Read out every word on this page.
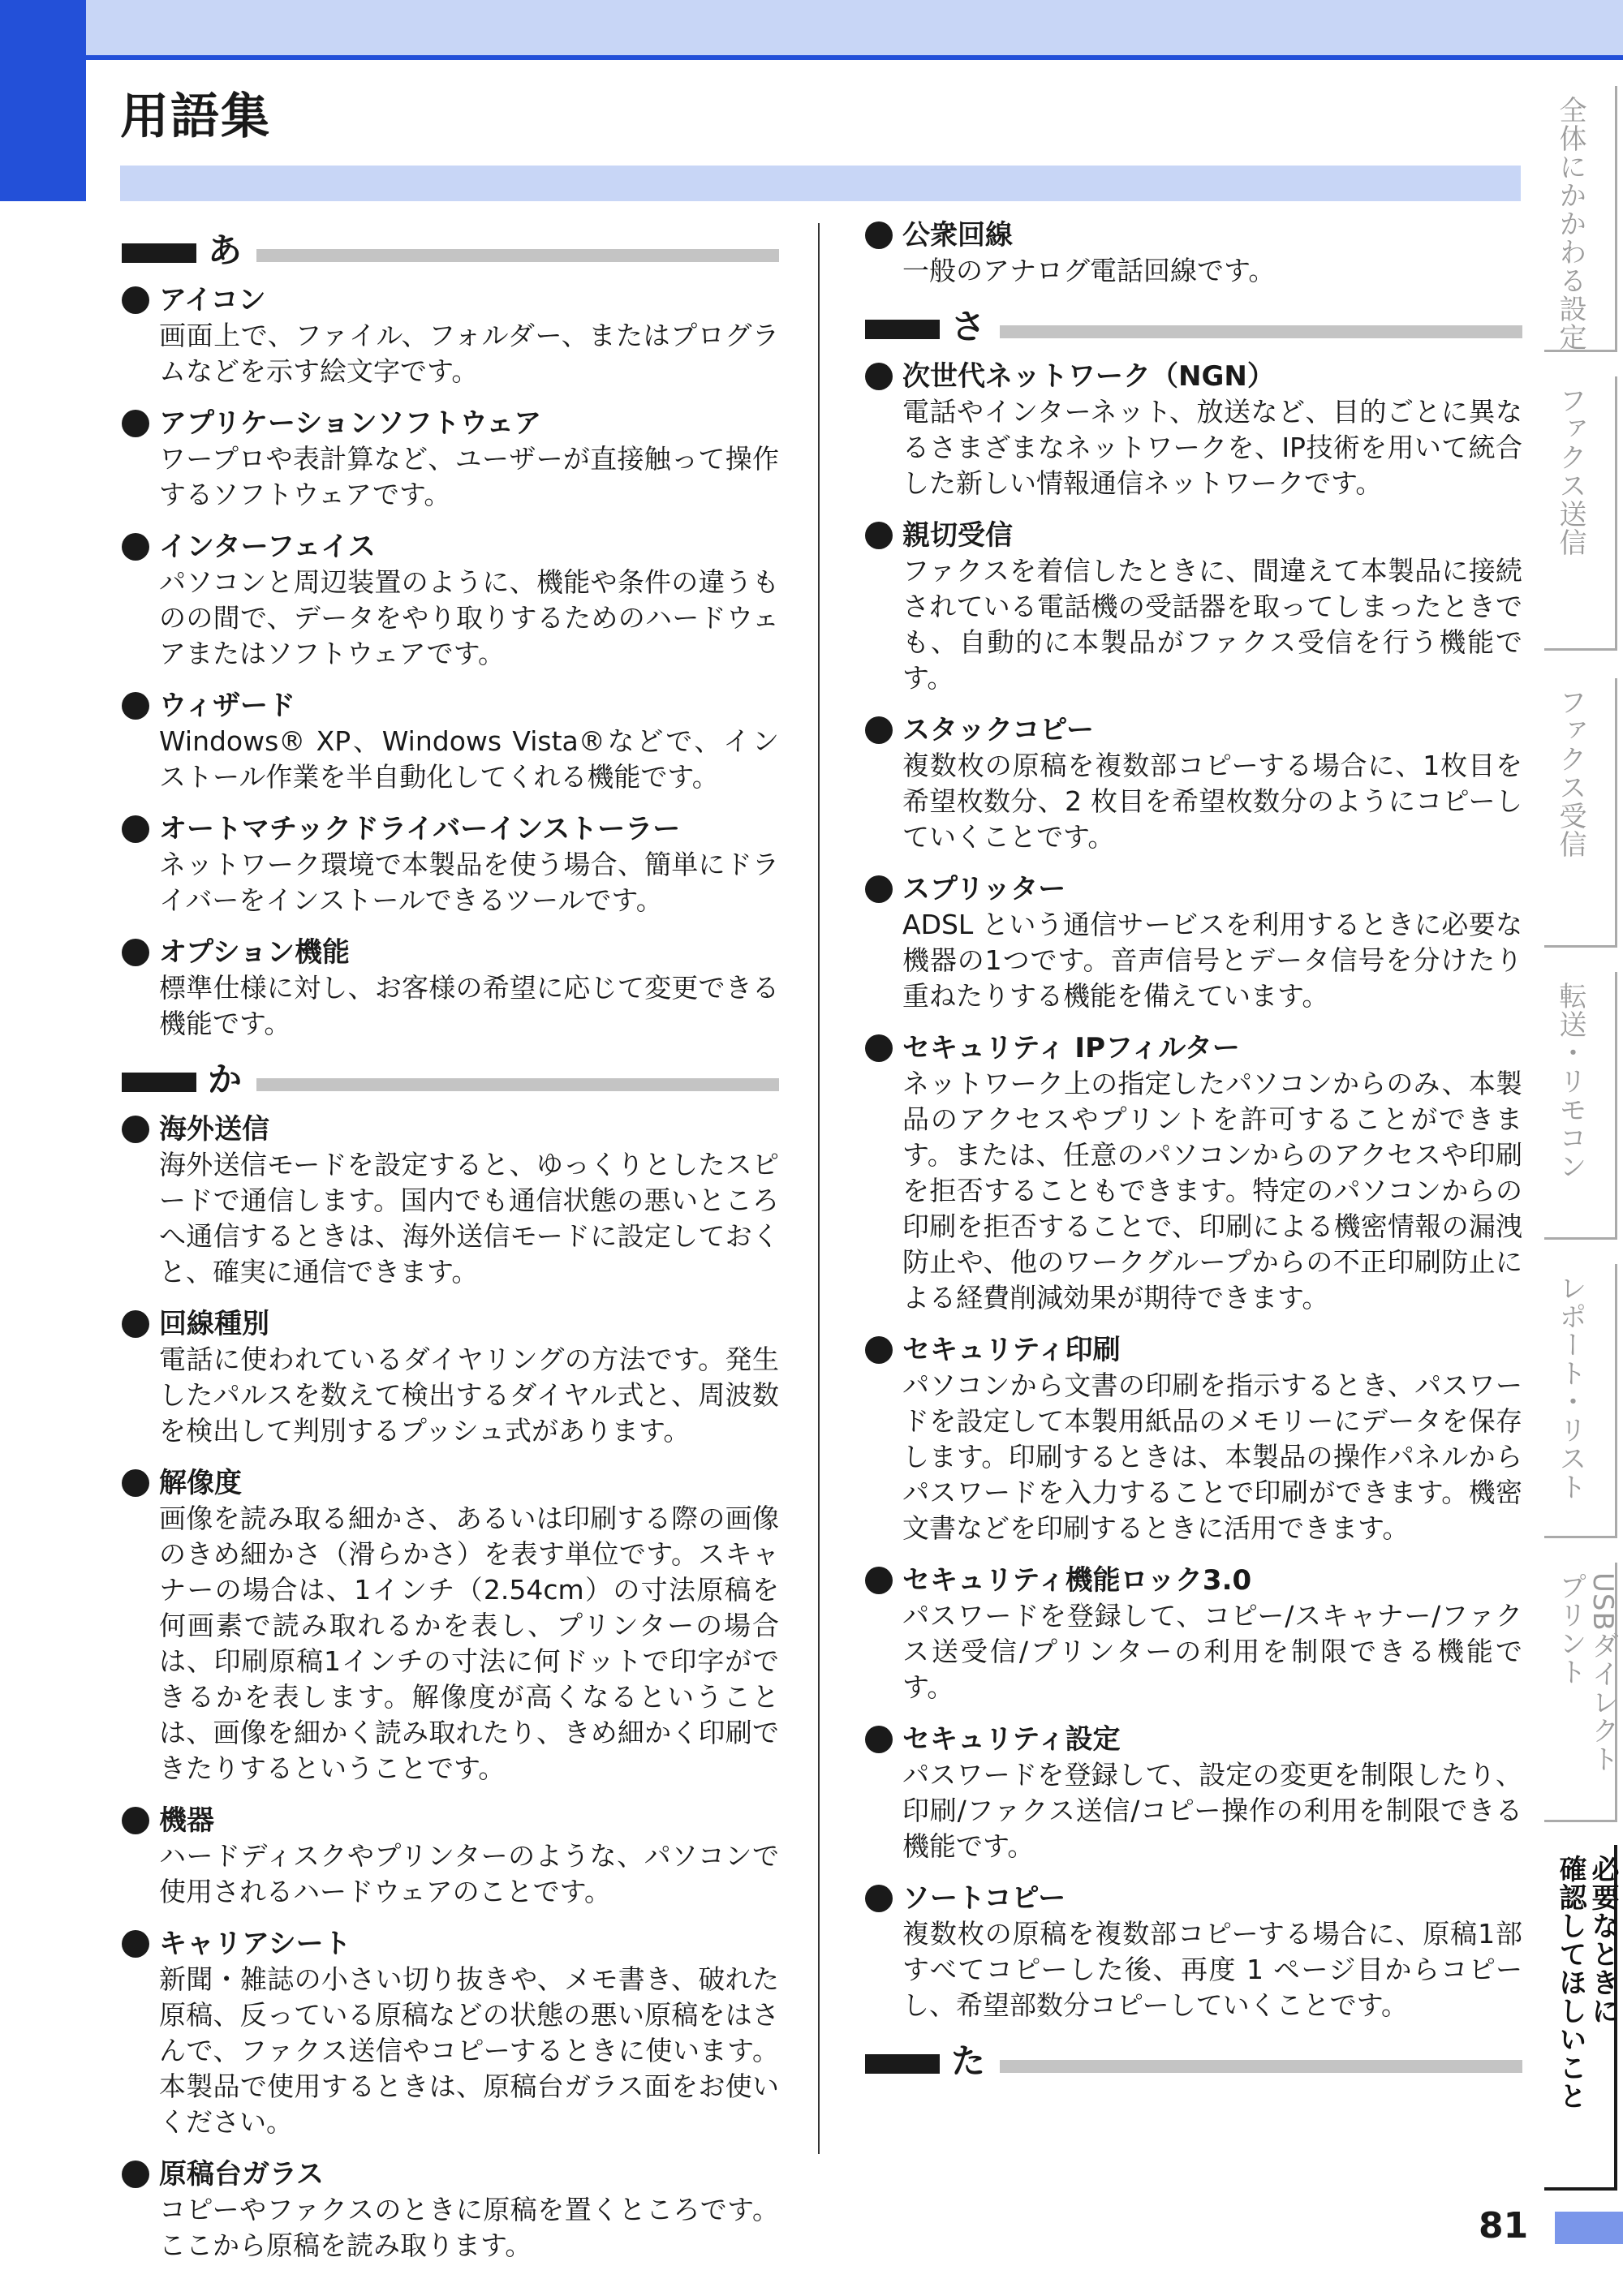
用語集
あ
アイコン
画面上で、ファイル、フォルダー、またはプログラムなどを示す絵文字です。
アプリケーションソフトウェア
ワープロや表計算など、ユーザーが直接触って操作するソフトウェアです。
インターフェイス
パソコンと周辺装置のように、機能や条件の違うものの間で、データをやり取りするためのハードウェアまたはソフトウェアです。
ウィザード
Windows® XP、Windows Vista®などで、インストール作業を半自動化してくれる機能です。
オートマチックドライバーインストーラー
ネットワーク環境で本製品を使う場合、簡単にドライバーをインストールできるツールです。
オプション機能
標準仕様に対し、お客様の希望に応じて変更できる機能です。
か
海外送信
海外送信モードを設定すると、ゆっくりとしたスピードで通信します。国内でも通信状態の悪いところへ通信するときは、海外送信モードに設定しておくと、確実に通信できます。
回線種別
電話に使われているダイヤリングの方法です。発生したパルスを数えて検出するダイヤル式と、周波数を検出して判別するプッシュ式があります。
解像度
画像を読み取る細かさ、あるいは印刷する際の画像のきめ細かさ（滑らかさ）を表す単位です。スキャナーの場合は、1インチ（2.54cm）の寸法原稿を何画素で読み取れるかを表し、プリンターの場合は、印刷原稿1インチの寸法に何ドットで印字ができるかを表します。解像度が高くなるということは、画像を細かく読み取れたり、きめ細かく印刷できたりするということです。
機器
ハードディスクやプリンターのような、パソコンで使用されるハードウェアのことです。
キャリアシート
新聞・雑誌の小さい切り抜きや、メモ書き、破れた原稿、反っている原稿などの状態の悪い原稿をはさんで、ファクス送信やコピーするときに使います。本製品で使用するときは、原稿台ガラス面をお使いください。
原稿台ガラス
コピーやファクスのときに原稿を置くところです。ここから原稿を読み取ります。
公衆回線
一般のアナログ電話回線です。
さ
次世代ネットワーク（NGN）
電話やインターネット、放送など、目的ごとに異なるさまざまなネットワークを、IP技術を用いて統合した新しい情報通信ネットワークです。
親切受信
ファクスを着信したときに、間違えて本製品に接続されている電話機の受話器を取ってしまったときでも、自動的に本製品がファクス受信を行う機能です。
スタックコピー
複数枚の原稿を複数部コピーする場合に、1枚目を希望枚数分、2 枚目を希望枚数分のようにコピーしていくことです。
スプリッター
ADSL という通信サービスを利用するときに必要な機器の1つです。音声信号とデータ信号を分けたり重ねたりする機能を備えています。
セキュリティ IPフィルター
ネットワーク上の指定したパソコンからのみ、本製品のアクセスやプリントを許可することができます。または、任意のパソコンからのアクセスや印刷を拒否することもできます。特定のパソコンからの印刷を拒否することで、印刷による機密情報の漏洩防止や、他のワークグループからの不正印刷防止による経費削減効果が期待できます。
セキュリティ印刷
パソコンから文書の印刷を指示するとき、パスワードを設定して本製用紙品のメモリーにデータを保存します。印刷するときは、本製品の操作パネルからパスワードを入力することで印刷ができます。機密文書などを印刷するときに活用できます。
セキュリティ機能ロック3.0
パスワードを登録して、コピー/スキャナー/ファクス送受信/プリンターの利用を制限できる機能です。
セキュリティ設定
パスワードを登録して、設定の変更を制限したり、印刷/ファクス送信/コピー操作の利用を制限できる機能です。
ソートコピー
複数枚の原稿を複数部コピーする場合に、原稿1部すべてコピーした後、再度 1 ページ目からコピーし、希望部数分コピーしていくことです。
た
全体にかかわる設定
ファクス送信
ファクス受信
転送・リモコン
レポート・リスト
USBダイレクト
プリント
必要なときに
確認してほしいこと
81
